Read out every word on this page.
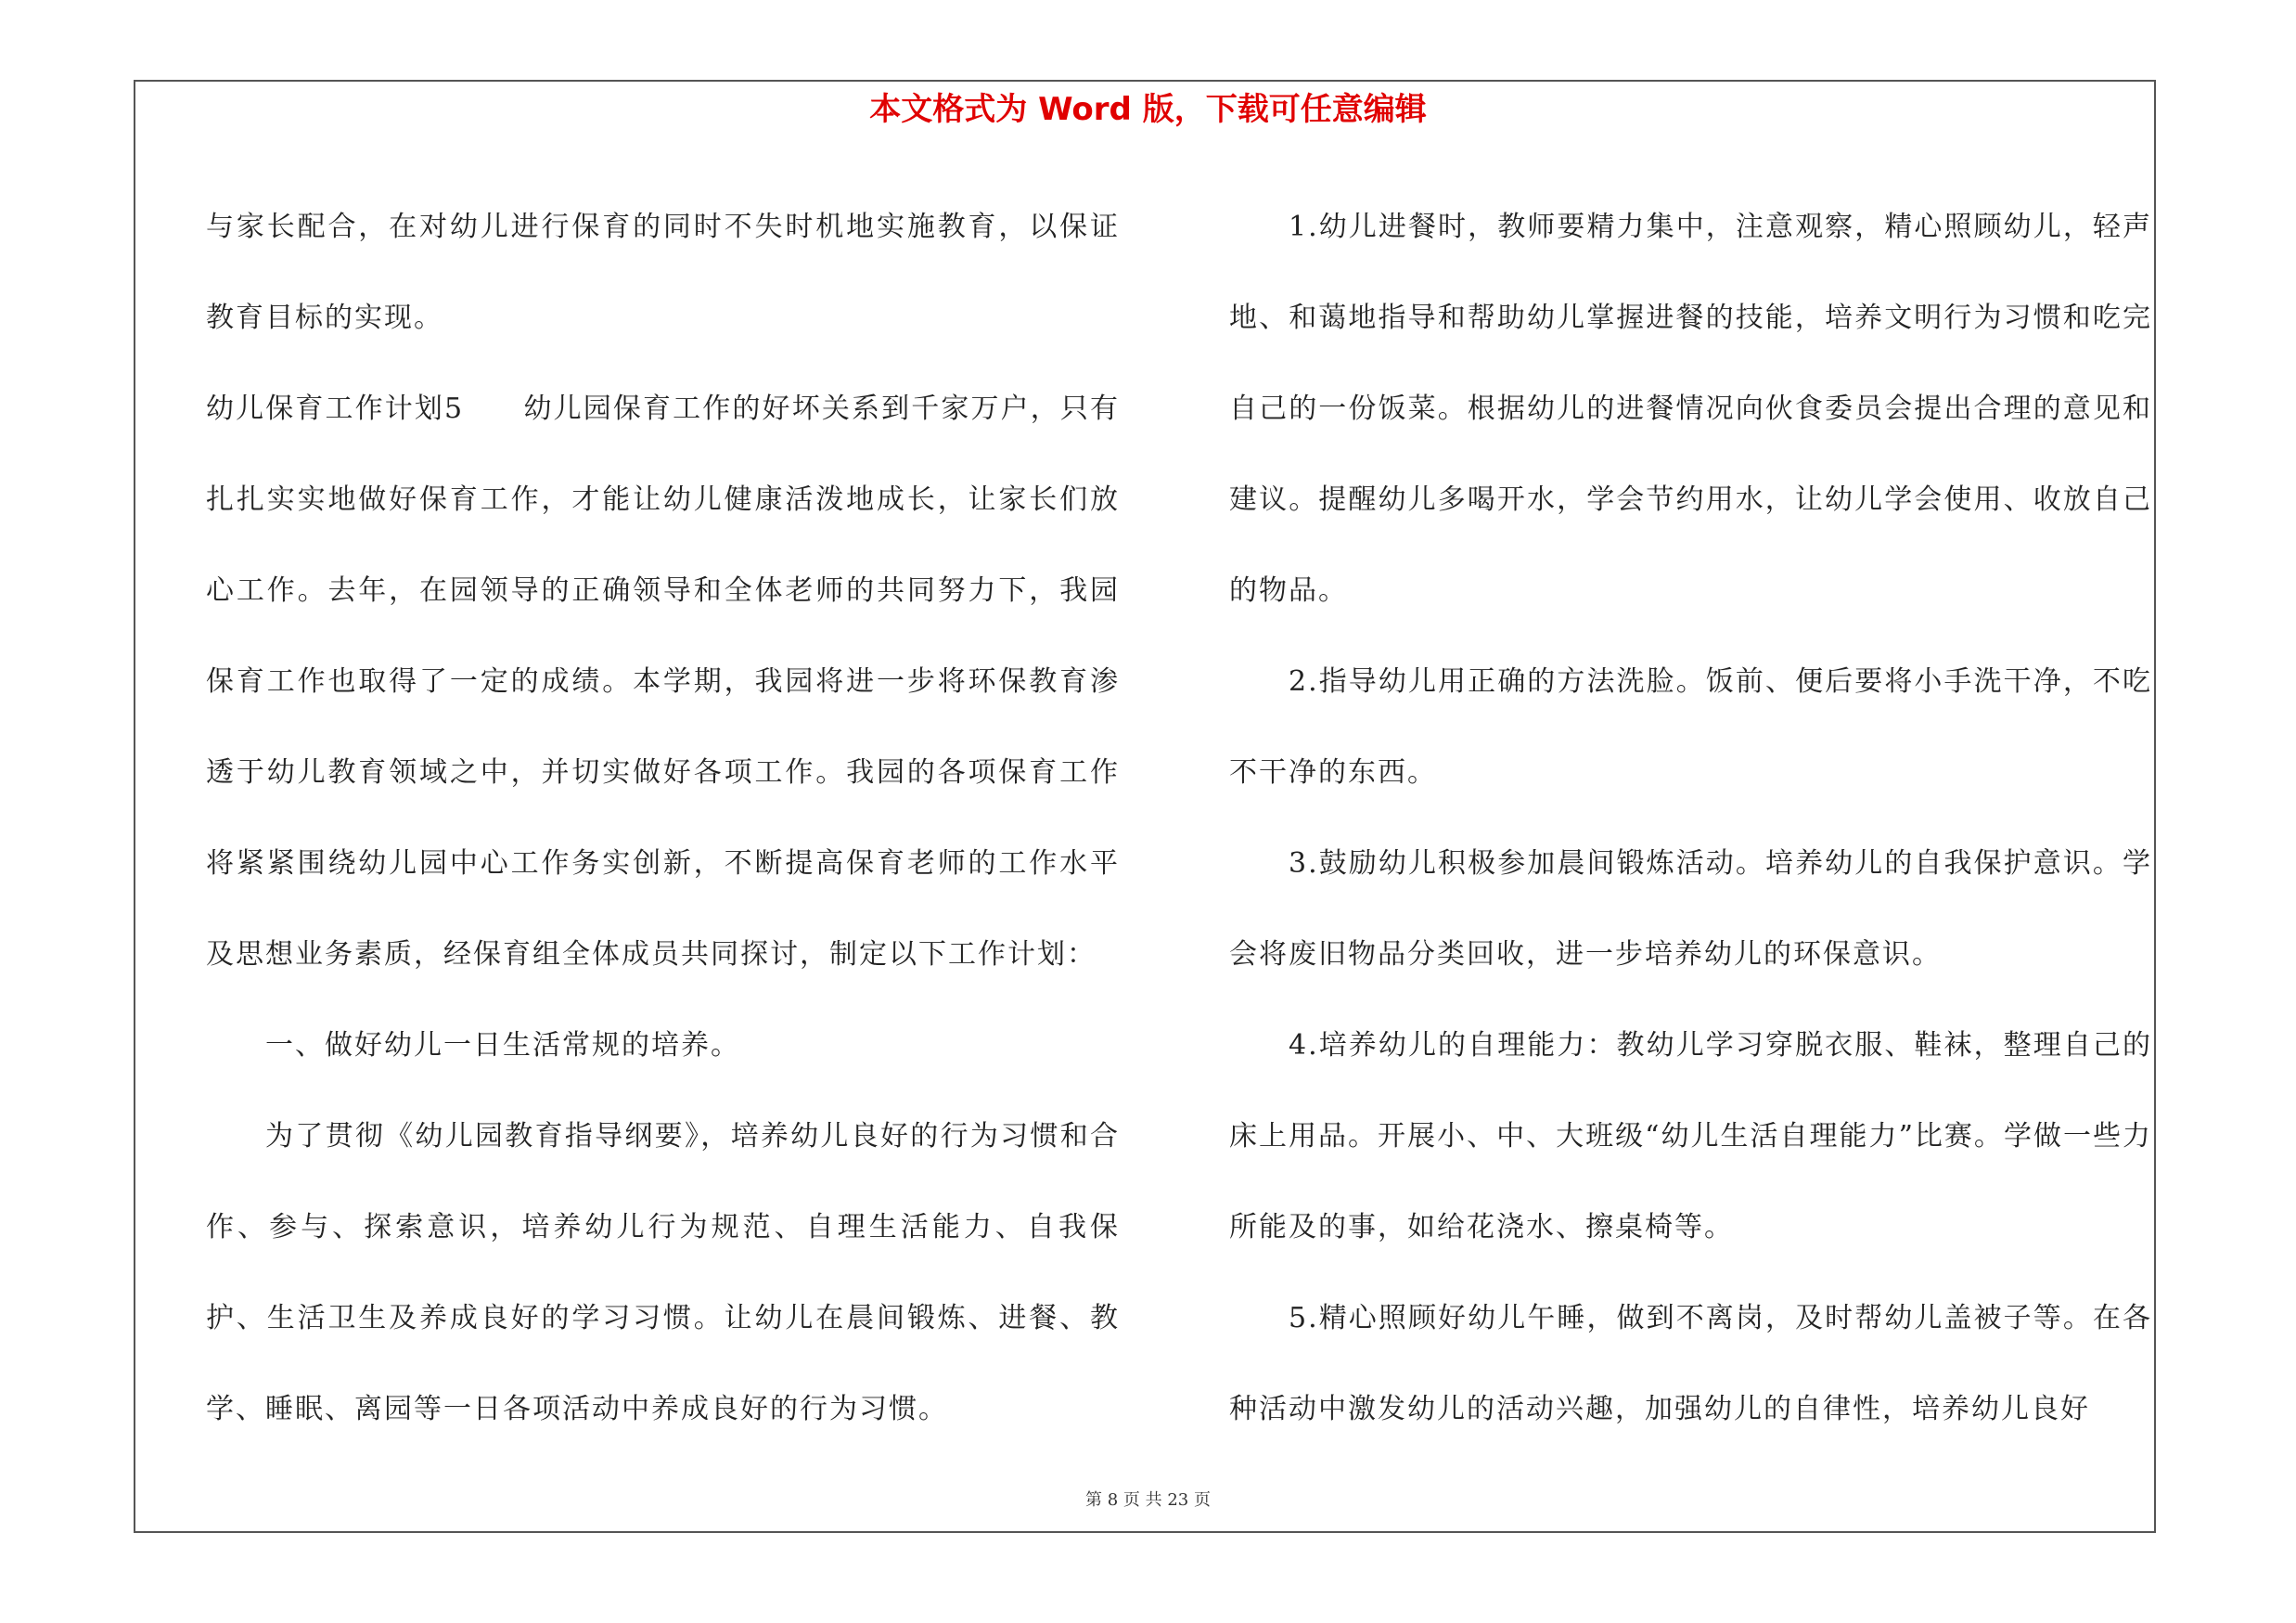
本文格式为 Word 版，下载可任意编辑

与家长配合，在对幼儿进行保育的同时不失时机地实施教育，以保证教育目标的实现。

幼儿保育工作计划5　　幼儿园保育工作的好坏关系到千家万户，只有扎扎实实地做好保育工作，才能让幼儿健康活泼地成长，让家长们放心工作。去年，在园领导的正确领导和全体老师的共同努力下，我园保育工作也取得了一定的成绩。本学期，我园将进一步将环保教育渗透于幼儿教育领域之中，并切实做好各项工作。我园的各项保育工作将紧紧围绕幼儿园中心工作务实创新，不断提高保育老师的工作水平及思想业务素质，经保育组全体成员共同探讨，制定以下工作计划：

一、做好幼儿一日生活常规的培养。

为了贯彻《幼儿园教育指导纲要》，培养幼儿良好的行为习惯和合作、参与、探索意识，培养幼儿行为规范、自理生活能力、自我保护、生活卫生及养成良好的学习习惯。让幼儿在晨间锻炼、进餐、教学、睡眠、离园等一日各项活动中养成良好的行为习惯。

1.幼儿进餐时，教师要精力集中，注意观察，精心照顾幼儿，轻声地、和蔼地指导和帮助幼儿掌握进餐的技能，培养文明行为习惯和吃完自己的一份饭菜。根据幼儿的进餐情况向伙食委员会提出合理的意见和建议。提醒幼儿多喝开水，学会节约用水，让幼儿学会使用、收放自己的物品。

2.指导幼儿用正确的方法洗脸。饭前、便后要将小手洗干净，不吃不干净的东西。

3.鼓励幼儿积极参加晨间锻炼活动。培养幼儿的自我保护意识。学会将废旧物品分类回收，进一步培养幼儿的环保意识。

4.培养幼儿的自理能力：教幼儿学习穿脱衣服、鞋袜，整理自己的床上用品。开展小、中、大班级“幼儿生活自理能力”比赛。学做一些力所能及的事，如给花浇水、擦桌椅等。

5.精心照顾好幼儿午睡，做到不离岗，及时帮幼儿盖被子等。在各种活动中激发幼儿的活动兴趣，加强幼儿的自律性，培养幼儿良好

第 8 页 共 23 页
